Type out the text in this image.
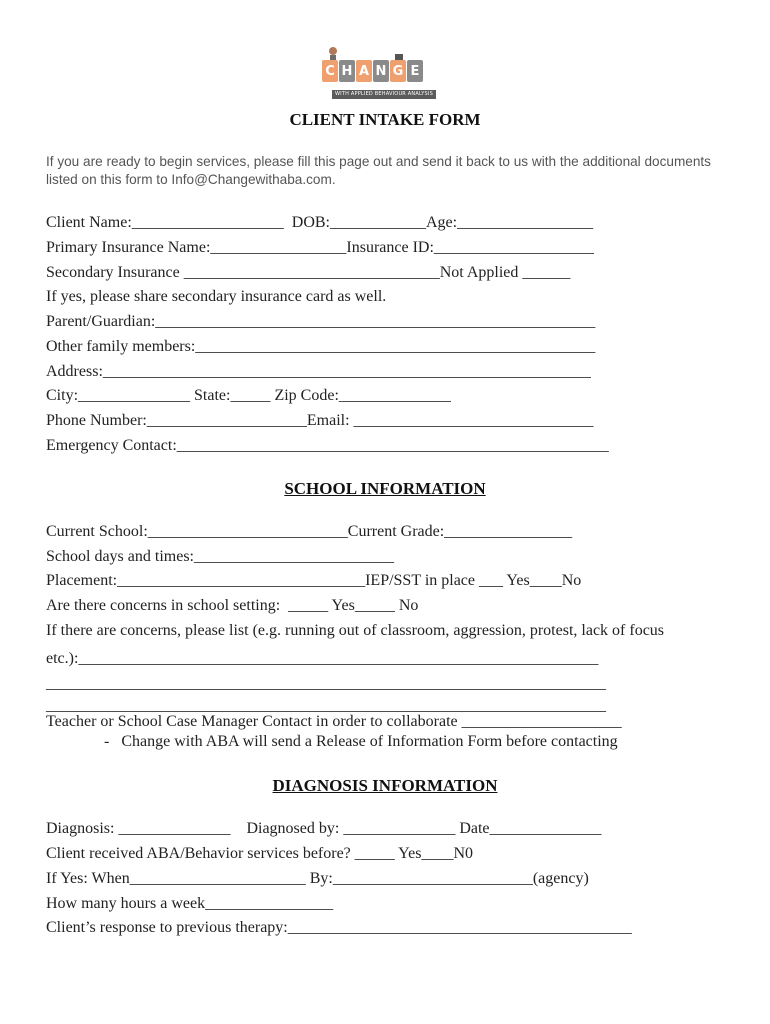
C H A N G E
WITH APPLIED BEHAVIOUR ANALYSIS
CLIENT INTAKE FORM
If you are ready to begin services, please fill this page out and send it back to us with the additional documents listed on this form to Info@Changewithaba.com.
Client Name:___________________  DOB:____________Age:_________________
Primary Insurance Name:_________________Insurance ID:____________________
Secondary Insurance ________________________________Not Applied ______
If yes, please share secondary insurance card as well.
Parent/Guardian:_______________________________________________________
Other family members:__________________________________________________
Address:_____________________________________________________________
City:______________ State:_____ Zip Code:______________
Phone Number:____________________Email: ______________________________
Emergency Contact:______________________________________________________
SCHOOL INFORMATION
Current School:_________________________Current Grade:________________
School days and times:_________________________
Placement:_______________________________IEP/SST in place ___ Yes____No
Are there concerns in school setting:  _____ Yes_____ No
If there are concerns, please list (e.g. running out of classroom, aggression, protest, lack of focus
etc.):_________________________________________________________________
______________________________________________________________________
______________________________________________________________________
Teacher or School Case Manager Contact in order to collaborate ____________________
-   Change with ABA will send a Release of Information Form before contacting
DIAGNOSIS INFORMATION
Diagnosis: ______________    Diagnosed by: ______________ Date______________
Client received ABA/Behavior services before? _____ Yes____N0
If Yes: When______________________ By:_________________________(agency)
How many hours a week________________
Client’s response to previous therapy:___________________________________________
